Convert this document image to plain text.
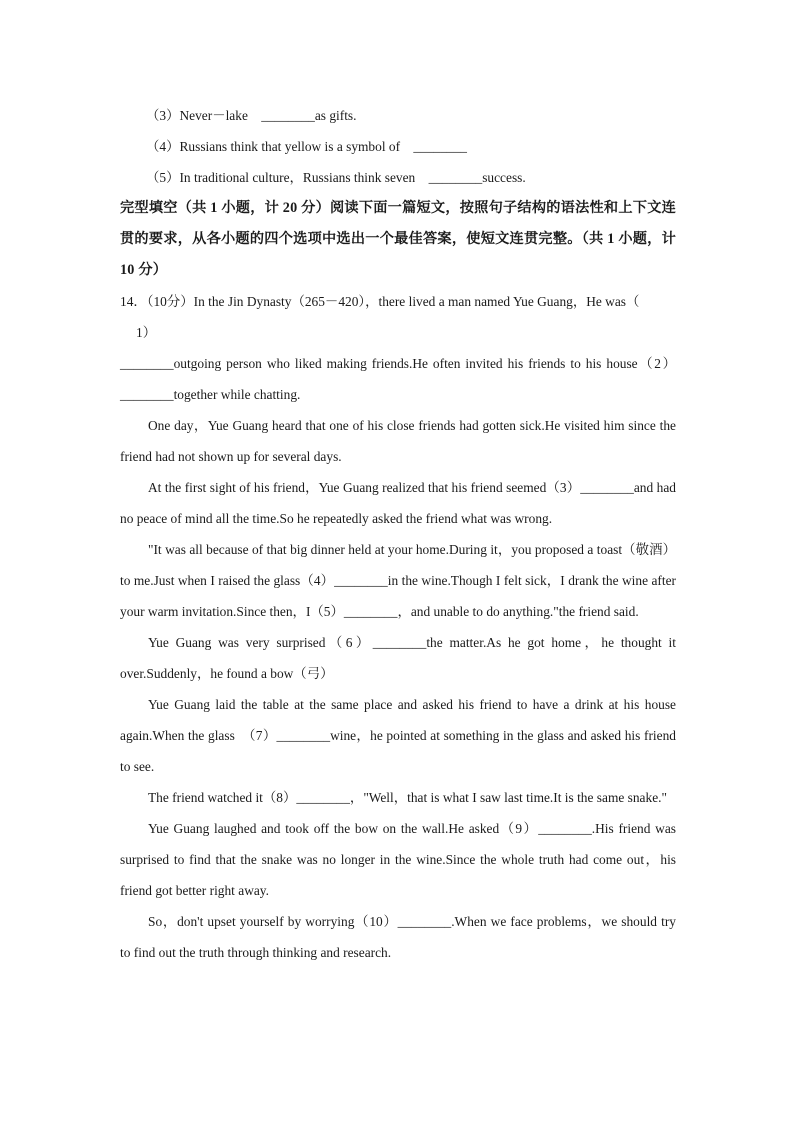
（3）Never－lake　________as gifts.
（4）Russians think that yellow is a symbol of　________
（5）In traditional culture，Russians think seven　________success.

完型填空（共 1 小题，计 20 分）阅读下面一篇短文，按照句子结构的语法性和上下文连贯的要求，从各小题的四个选项中选出一个最佳答案，使短文连贯完整。（共 1 小题，计 10 分）

14．（10分）In the Jin Dynasty（265－420），there lived a man named Yue Guang，He was（
1）

________outgoing person who liked making friends.He often invited his friends to his house（2）________together while chatting.

One day，Yue Guang heard that one of his close friends had gotten sick.He visited him since the friend had not shown up for several days.

At the first sight of his friend，Yue Guang realized that his friend seemed（3）________and had no peace of mind all the time.So he repeatedly asked the friend what was wrong.

"It was all because of that big dinner held at your home.During it，you proposed a toast（敬酒） to me.Just when I raised the glass（4）________in the wine.Though I felt sick，I drank the wine after your warm invitation.Since then，I（5）________，and unable to do anything."the friend said.

Yue Guang was very surprised（6）________the matter.As he got home，he thought it over.Suddenly，he found a bow（弓）

Yue Guang laid the table at the same place and asked his friend to have a drink at his house again.When the glass　（7）________wine，he pointed at something in the glass and asked his friend to see.

The friend watched it（8）________，"Well，that is what I saw last time.It is the same snake."

Yue Guang laughed and took off the bow on the wall.He asked（9）________.His friend was surprised to find that the snake was no longer in the wine.Since the whole truth had come out，his friend got better right away.

So，don't upset yourself by worrying（10）________.When we face problems，we should try to find out the truth through thinking and research.
